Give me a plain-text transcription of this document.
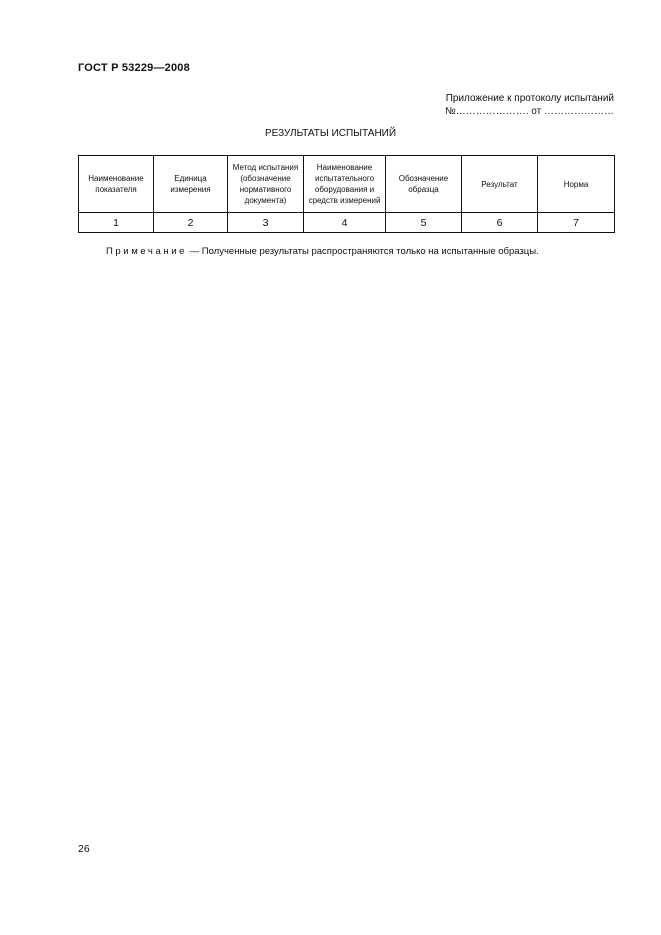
ГОСТ Р 53229—2008
Приложение к протоколу испытаний
№…………………. от …………………
РЕЗУЛЬТАТЫ ИСПЫТАНИЙ
Наименование показателя	Единица измерения	Метод испытания (обозначение нормативного документа)	Наименование испытательного оборудования и средств измерений	Обозначение образца	Результат	Норма
1	2	3	4	5	6	7
Примечание — Полученные результаты распространяются только на испытанные образцы.
26
